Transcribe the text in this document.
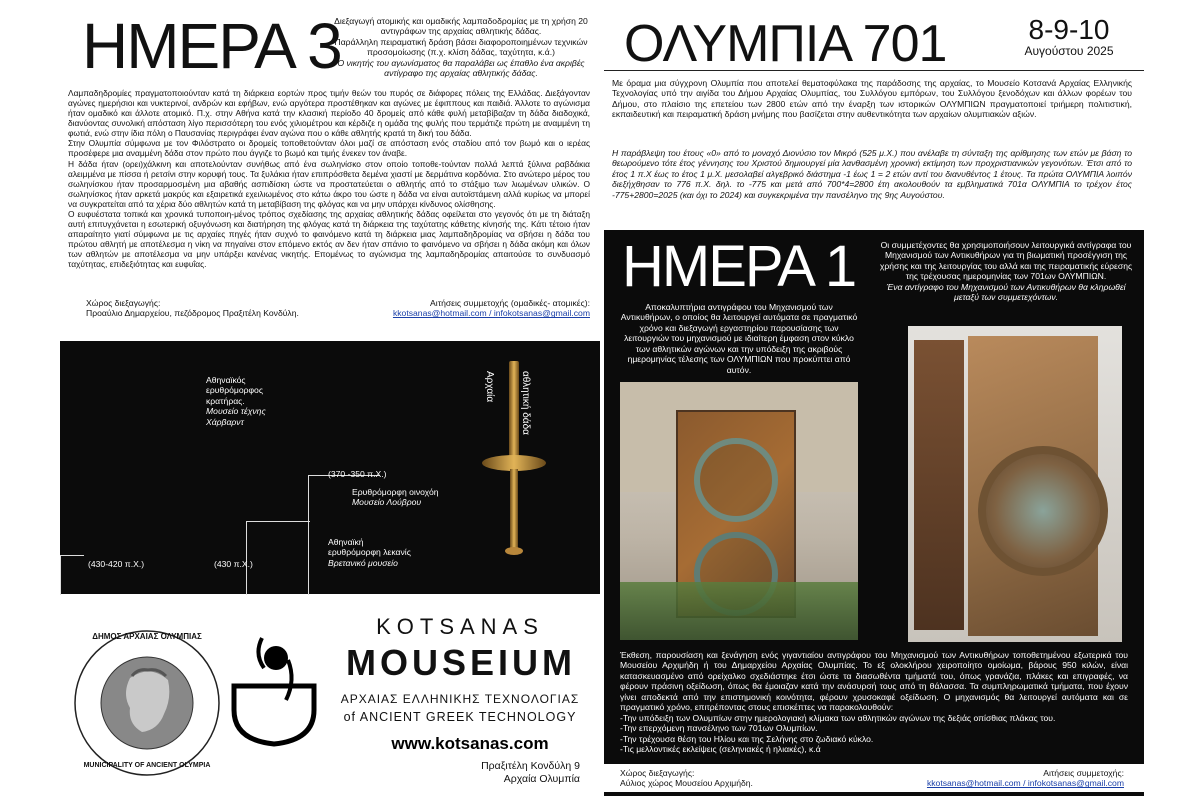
ΗΜΕΡΑ 3
Διεξαγωγή ατομικής και ομαδικής λαμπαδοδρομίας με τη χρήση 20 αντιγράφων της αρχαίας αθλητικής δάδας.
Παράλληλη πειραματική δράση βάσει διαφοροποιημένων τεχνικών προσομοίωσης (π.χ. κλίση δάδας, ταχύτητα, κ.ά.)
Ο νικητής του αγωνίσματος θα παραλάβει ως έπαθλο ένα ακριβές αντίγραφο της αρχαίας αθλητικής δάδας.
Λαμπαδηδρομίες πραγματοποιούνταν κατά τη διάρκεια εορτών προς τιμήν θεών του πυρός σε διάφορες πόλεις της Ελλάδας. Διεξάγονταν αγώνες ημερήσιοι και νυκτερινοί, ανδρών και εφήβων, ενώ αργότερα προστέθηκαν και αγώνες με έφιππους και παιδιά. Άλλοτε το αγώνισμα ήταν ομαδικό και άλλοτε ατομικό. Π.χ. στην Αθήνα κατά την κλασική περίοδο 40 δρομείς από κάθε φυλή μεταβίβαζαν τη δάδα διαδοχικά, διανύοντας συνολική απόσταση λίγο περισσότερη του ενός χιλιομέτρου και κέρδιζε η ομάδα της φυλής που τερμάτιζε πρώτη με αναμμένη τη φωτιά, ενώ στην ίδια πόλη ο Παυσανίας περιγράφει έναν αγώνα που ο κάθε αθλητής κρατά τη δική του δάδα.
Στην Ολυμπία σύμφωνα με τον Φιλόστρατο οι δρομείς τοποθετούνταν όλοι μαζί σε απόσταση ενός σταδίου από τον βωμό και ο ιερέας προσέφερε μια αναμμένη δάδα στον πρώτο που άγγιζε το βωμό και τιμής ένεκεν τον άναβε.
Η δάδα ήταν (ορει)χάλκινη και αποτελούνταν συνήθως από ένα σωληνίσκο στον οποίο τοποθε-τούνταν πολλά λεπτά ξύλινα ραβδάκια αλειμμένα με πίσσα ή ρετσίνι στην κορυφή τους. Τα ξυλάκια ήταν επιπρόσθετα δεμένα χιαστί με δερμάτινα κορδόνια. Στο ανώτερο μέρος του σωληνίσκου ήταν προσαρμοσμένη μια αβαθής ασπιδίσκη ώστε να προστατεύεται ο αθλητής από το στάξιμο των λιωμένων υλικών. Ο σωληνίσκος ήταν αρκετά μακρύς και εξαιρετικά εχειλιωμένος στο κάτω άκρο του ώστε η δάδα να είναι αυτοϊστάμενη αλλά κυρίως να μπορεί να συγκρατείται από τα χέρια δύο αθλητών κατά τη μεταβίβαση της φλόγας και να μην υπάρχει κίνδυνος ολίσθησης.
Ο ευφυέστατα τοπικά και χρονικά τυποποιη-μένος τρόπος σχεδίασης της αρχαίας αθλητικής δάδας οφείλεται στο γεγονός ότι με τη διάταξη αυτή επιτυγχάνεται η εσωτερική οξυγόνωση και διατήρηση της φλόγας κατά τη διάρκεια της ταχύτατης κάθετης κίνησής της. Κάτι τέτοιο ήταν απαραίτητο γιατί σύμφωνα με τις αρχαίες πηγές ήταν συχνό το φαινόμενο κατά τη διάρκεια μιας λαμπαδηδρομίας να σβήσει η δάδα του πρώτου αθλητή με αποτέλεσμα η νίκη να πηγαίνει στον επόμενο εκτός αν δεν ήταν σπάνιο το φαινόμενο να σβήσει η δάδα ακόμη και όλων των αθλητών με αποτέλεσμα να μην υπάρξει κανένας νικητής. Επομένως το αγώνισμα της λαμπαδηδρομίας απαιτούσε το συνδυασμό ταχύτητας, επιδεξιότητας και ευφυΐας.
Χώρος διεξαγωγής:
Προαύλιο Δημαρχείου, πεζόδρομος Πραξιτέλη Κονδύλη.
Αιτήσεις συμμετοχής (ομαδικές- ατομικές):
kkotsanas@hotmail.com / infokotsanas@gmail.com
Αθηναϊκός
ερυθρόμορφος
κρατήρας.
Μουσείο τέχνης
Χάρβαρντ
(370 -350 π.Χ.)
Ερυθρόμορφη οινοχόη
Μουσείο Λούβρου
Αθηναϊκή
ερυθρόμορφη λεκανίς
Βρετανικό μουσείο
(430-420 π.Χ.)	(430 π.Χ.)
Αρχαία	αθλητική δάδα
ΔΗΜΟΣ ΑΡΧΑΙΑΣ ΟΛΥΜΠΙΑΣ
MUNICIPALITY OF ANCIENT OLYMPIA
KOTSANAS
MOUSEIUM
ΑΡΧΑΙΑΣ ΕΛΛΗΝΙΚΗΣ ΤΕΧΝΟΛΟΓΙΑΣ
of ANCIENT GREEK TECHNOLOGY
www.kotsanas.com
Πραξιτέλη Κονδύλη 9
Αρχαία Ολυμπία
ΟΛΥΜΠΙΑ 701	8-9-10
Αυγούστου 2025
Με όραμα μια σύγχρονη Ολυμπία που αποτελεί θεματοφύλακα της παράδοσης της αρχαίας, το Μουσείο Κοτσανά Αρχαίας Ελληνικής Τεχνολογίας υπό την αιγίδα του Δήμου Αρχαίας Ολυμπίας, του Συλλόγου εμπόρων, του Συλλόγου ξενοδόχων και άλλων φορέων του Δήμου, στο πλαίσιο της επετείου των 2800 ετών από την έναρξη των ιστορικών ΟΛΥΜΠΙΩΝ πραγματοποιεί τριήμερη πολιτιστική, εκπαιδευτική και πειραματική δράση μνήμης που βασίζεται στην αυθεντικότητα των αρχαίων ολυμπιακών αξιών.
Η παράβλεψη του έτους «0» από το μοναχό Διονύσιο τον Μικρό (525 μ.Χ.) που ανέλαβε τη σύνταξη της αρίθμησης των ετών με βάση το θεωρούμενο τότε έτος γέννησης του Χριστού δημιουργεί μία λανθασμένη χρονική εκτίμηση των προχριστιανικών γεγονότων. Έτσι από το έτος 1 π.Χ έως το έτος 1 μ.Χ. μεσολαβεί αλγεβρικό διάστημα -1 έως 1 = 2 ετών αντί του διανυθέντος 1 έτους. Τα πρώτα ΟΛΥΜΠΙΑ λοιπόν διεξήχθησαν το 776 π.Χ. δηλ. το -775 και μετά από 700*4=2800 έτη ακολουθούν τα εμβληματικά 701α ΟΛΥΜΠΙΑ το τρέχον έτος -775+2800=2025 (και όχι το 2024) και συγκεκριμένα την πανσέληνο της 9ης Αυγούστου.
ΗΜΕΡΑ 1
Αποκαλυπτήρια αντιγράφου του Μηχανισμού των Αντικυθήρων, ο οποίος θα λειτουργεί αυτόματα σε πραγματικό χρόνο και διεξαγωγή εργαστηρίου παρουσίασης των λειτουργιών του μηχανισμού με ιδιαίτερη έμφαση στον κύκλο των αθλητικών αγώνων και την υπόδειξη της ακριβούς ημερομηνίας τέλεσης των ΟΛΥΜΠΙΩΝ που προκύπτει από αυτόν.
Οι συμμετέχοντες θα χρησιμοποιήσουν λειτουργικά αντίγραφα του Μηχανισμού των Αντικυθήρων για τη βιωματική προσέγγιση της χρήσης και της λειτουργίας του αλλά και της πειραματικής εύρεσης της τρέχουσας ημερομηνίας των 701ων ΟΛΥΜΠΙΩΝ.
Ένα αντίγραφο του Μηχανισμού των Αντικυθήρων θα κληρωθεί μεταξύ των συμμετεχόντων.
Έκθεση, παρουσίαση και ξενάγηση ενός γιγαντιαίου αντιγράφου του Μηχανισμού των Αντικυθήρων τοποθετημένου εξωτερικά του Μουσείου Αρχιμήδη ή του Δημαρχείου Αρχαίας Ολυμπίας. Το εξ ολοκλήρου χειροποίητο ομοίωμα, βάρους 950 κιλών, είναι κατασκευασμένο από ορείχαλκο σχεδιάστηκε έτσι ώστε τα διασωθέντα τμήματά του, όπως γρανάζια, πλάκες και επιγραφές, να φέρουν πράσινη οξείδωση, όπως θα έμοιαζαν κατά την ανάσυρσή τους από τη θάλασσα. Τα συμπληρωματικά τμήματα, που έχουν γίνει αποδεκτά από την επιστημονική κοινότητα, φέρουν χρυσοκαφέ οξείδωση. Ο μηχανισμός θα λειτουργεί αυτόματα και σε πραγματικό χρόνο, επιτρέποντας στους επισκέπτες να παρακολουθούν:
-Την υπόδειξη των Ολυμπίων στην ημερολογιακή κλίμακα των αθλητικών αγώνων της δεξιάς οπίσθιας πλάκας του.
-Την επερχόμενη πανσέληνο των 701ων Ολυμπίων.
-Την τρέχουσα θέση του Ηλίου και της Σελήνης στο ζωδιακό κύκλο.
-Τις μελλοντικές εκλείψεις (σεληνιακές ή ηλιακές), κ.ά
Χώρος διεξαγωγής:
Αύλιος χώρος Μουσείου Αρχιμήδη.
Αιτήσεις συμμετοχής:
kkotsanas@hotmail.com / infokotsanas@gmail.com
